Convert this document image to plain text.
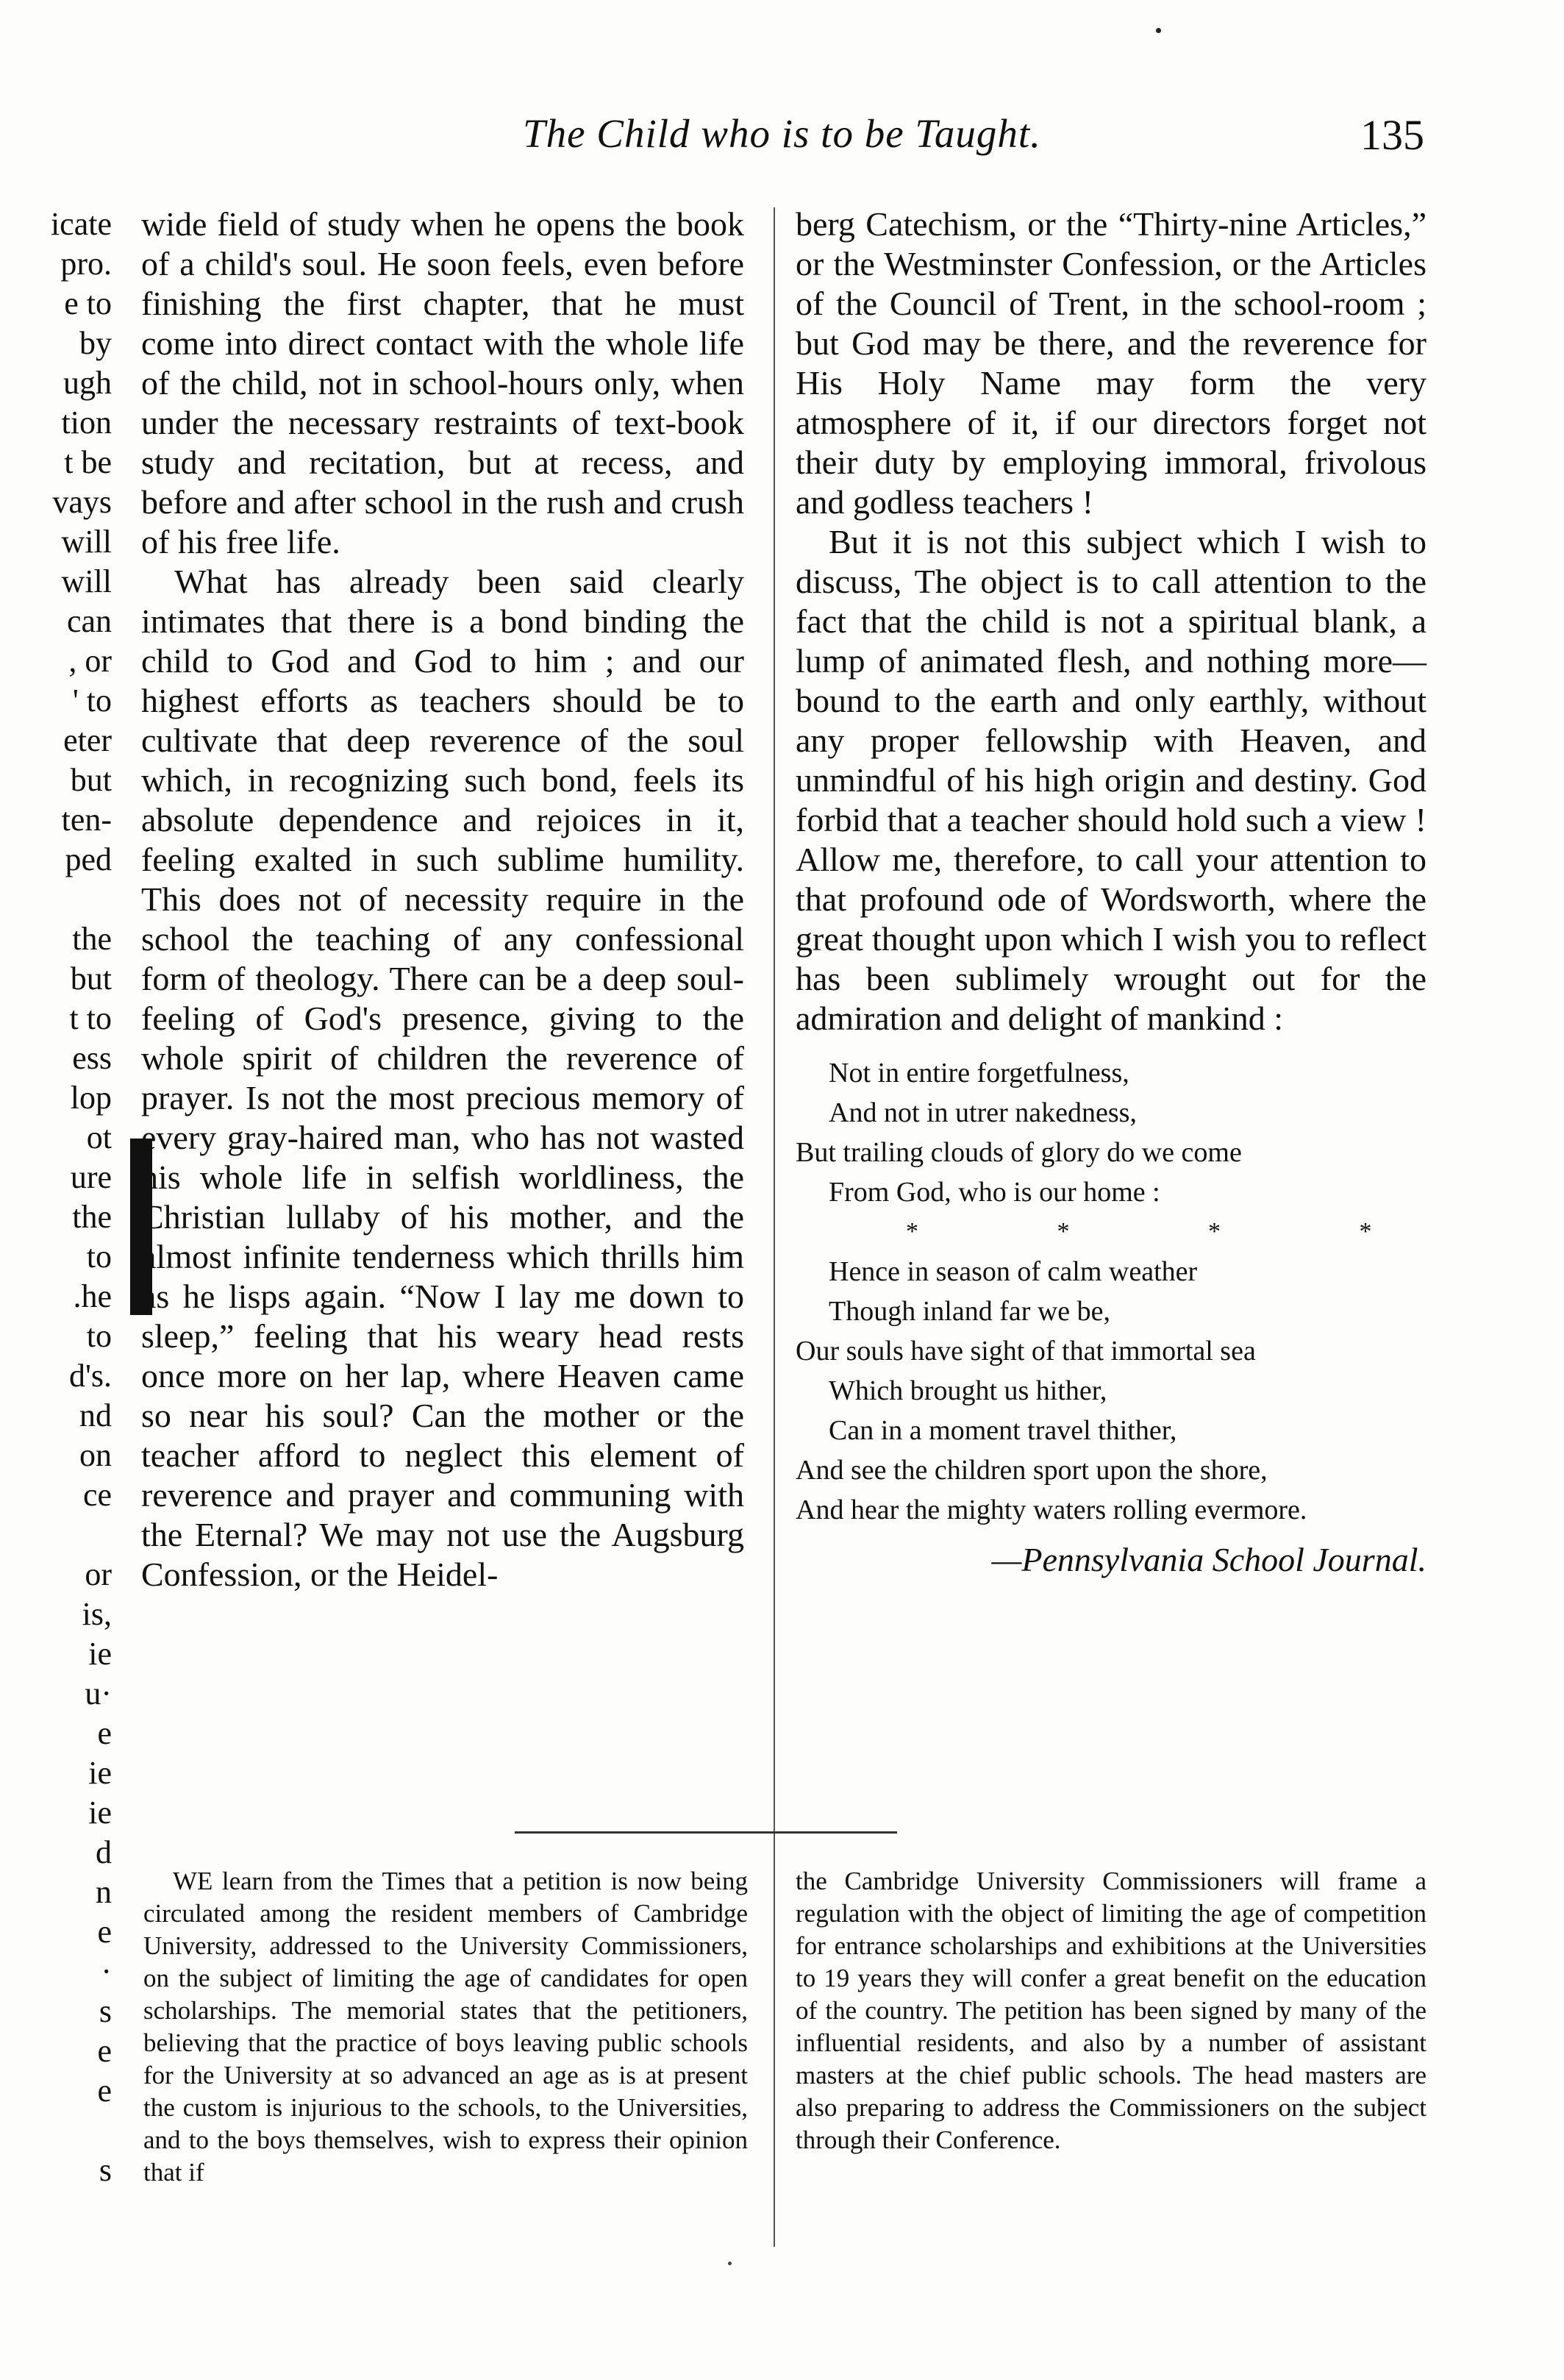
The Child who is to be Taught.	135
icate
pro.
e to
by
ugh
tion
t be
vays
will
will
can
, or
' to
eter
but
ten-
ped
the
but
t to
ess
lop
ot
ure
the
to
.he
to
d's.
nd
on
ce
or
is,
ie
u·
e
ie
ie
d
n
e
·
s
e
e
s

wide field of study when he opens the book of a child's soul. He soon feels, even before finishing the first chapter, that he must come into direct contact with the whole life of the child, not in school-hours only, when under the necessary restraints of text-book study and recitation, but at recess, and before and after school in the rush and crush of his free life.

What has already been said clearly intimates that there is a bond binding the child to God and God to him ; and our highest efforts as teachers should be to cultivate that deep reverence of the soul which, in recognizing such bond, feels its absolute dependence and rejoices in it, feeling exalted in such sublime humility. This does not of necessity require in the school the teaching of any confessional form of theology. There can be a deep soul-feeling of God's presence, giving to the whole spirit of children the reverence of prayer. Is not the most precious memory of every gray-haired man, who has not wasted his whole life in selfish worldliness, the Christian lullaby of his mother, and the almost infinite tenderness which thrills him as he lisps again. “Now I lay me down to sleep,” feeling that his weary head rests once more on her lap, where Heaven came so near his soul? Can the mother or the teacher afford to neglect this element of reverence and prayer and communing with the Eternal? We may not use the Augsburg Confession, or the Heidel-

berg Catechism, or the “Thirty-nine Articles,” or the Westminster Confession, or the Articles of the Council of Trent, in the school-room ; but God may be there, and the reverence for His Holy Name may form the very atmosphere of it, if our directors forget not their duty by employing immoral, frivolous and godless teachers !

But it is not this subject which I wish to discuss, The object is to call attention to the fact that the child is not a spiritual blank, a lump of animated flesh, and nothing more—bound to the earth and only earthly, without any proper fellowship with Heaven, and unmindful of his high origin and destiny. God forbid that a teacher should hold such a view ! Allow me, therefore, to call your attention to that profound ode of Wordsworth, where the great thought upon which I wish you to reflect has been sublimely wrought out for the admiration and delight of mankind :

Not in entire forgetfulness,
And not in utrer nakedness,
But trailing clouds of glory do we come
From God, who is our home :
* * * *
Hence in season of calm weather
Though inland far we be,
Our souls have sight of that immortal sea
Which brought us hither,
Can in a moment travel thither,
And see the children sport upon the shore,
And hear the mighty waters rolling evermore.
—Pennsylvania School Journal.

WE learn from the Times that a petition is now being circulated among the resident members of Cambridge University, addressed to the University Commissioners, on the subject of limiting the age of candidates for open scholarships. The memorial states that the petitioners, believing that the practice of boys leaving public schools for the University at so advanced an age as is at present the custom is injurious to the schools, to the Universities, and to the boys themselves, wish to express their opinion that if

the Cambridge University Commissioners will frame a regulation with the object of limiting the age of competition for entrance scholarships and exhibitions at the Universities to 19 years they will confer a great benefit on the education of the country. The petition has been signed by many of the influential residents, and also by a number of assistant masters at the chief public schools. The head masters are also preparing to address the Commissioners on the subject through their Conference.
